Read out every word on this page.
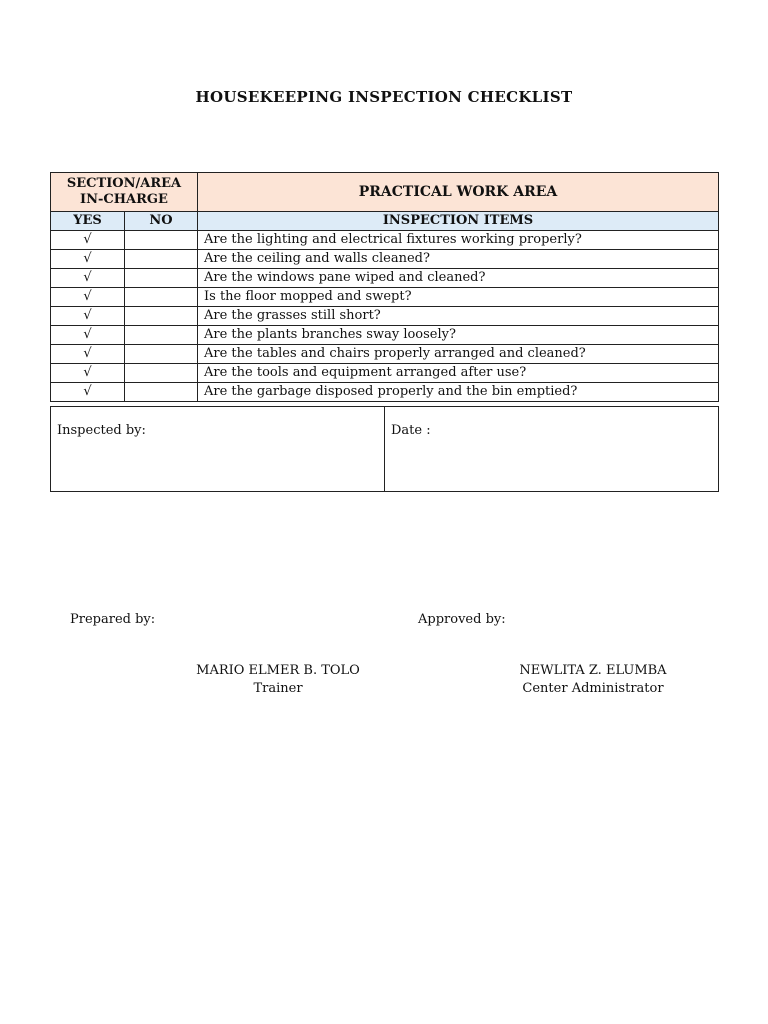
HOUSEKEEPING INSPECTION CHECKLIST
SECTION/AREA IN-CHARGE		PRACTICAL WORK AREA
YES	NO	INSPECTION ITEMS
√		Are the lighting and electrical fixtures working properly?
√		Are the ceiling and walls cleaned?
√		Are the windows pane wiped and cleaned?
√		Is the floor mopped and swept?
√		Are the grasses still short?
√		Are the plants branches sway loosely?
√		Are the tables and chairs properly arranged and cleaned?
√		Are the tools and equipment arranged after use?
√		Are the garbage disposed properly and the bin emptied?
Inspected by:	Date :
Prepared by:	Approved by:
MARIO ELMER B. TOLO
Trainer
NEWLITA Z. ELUMBA
Center Administrator
